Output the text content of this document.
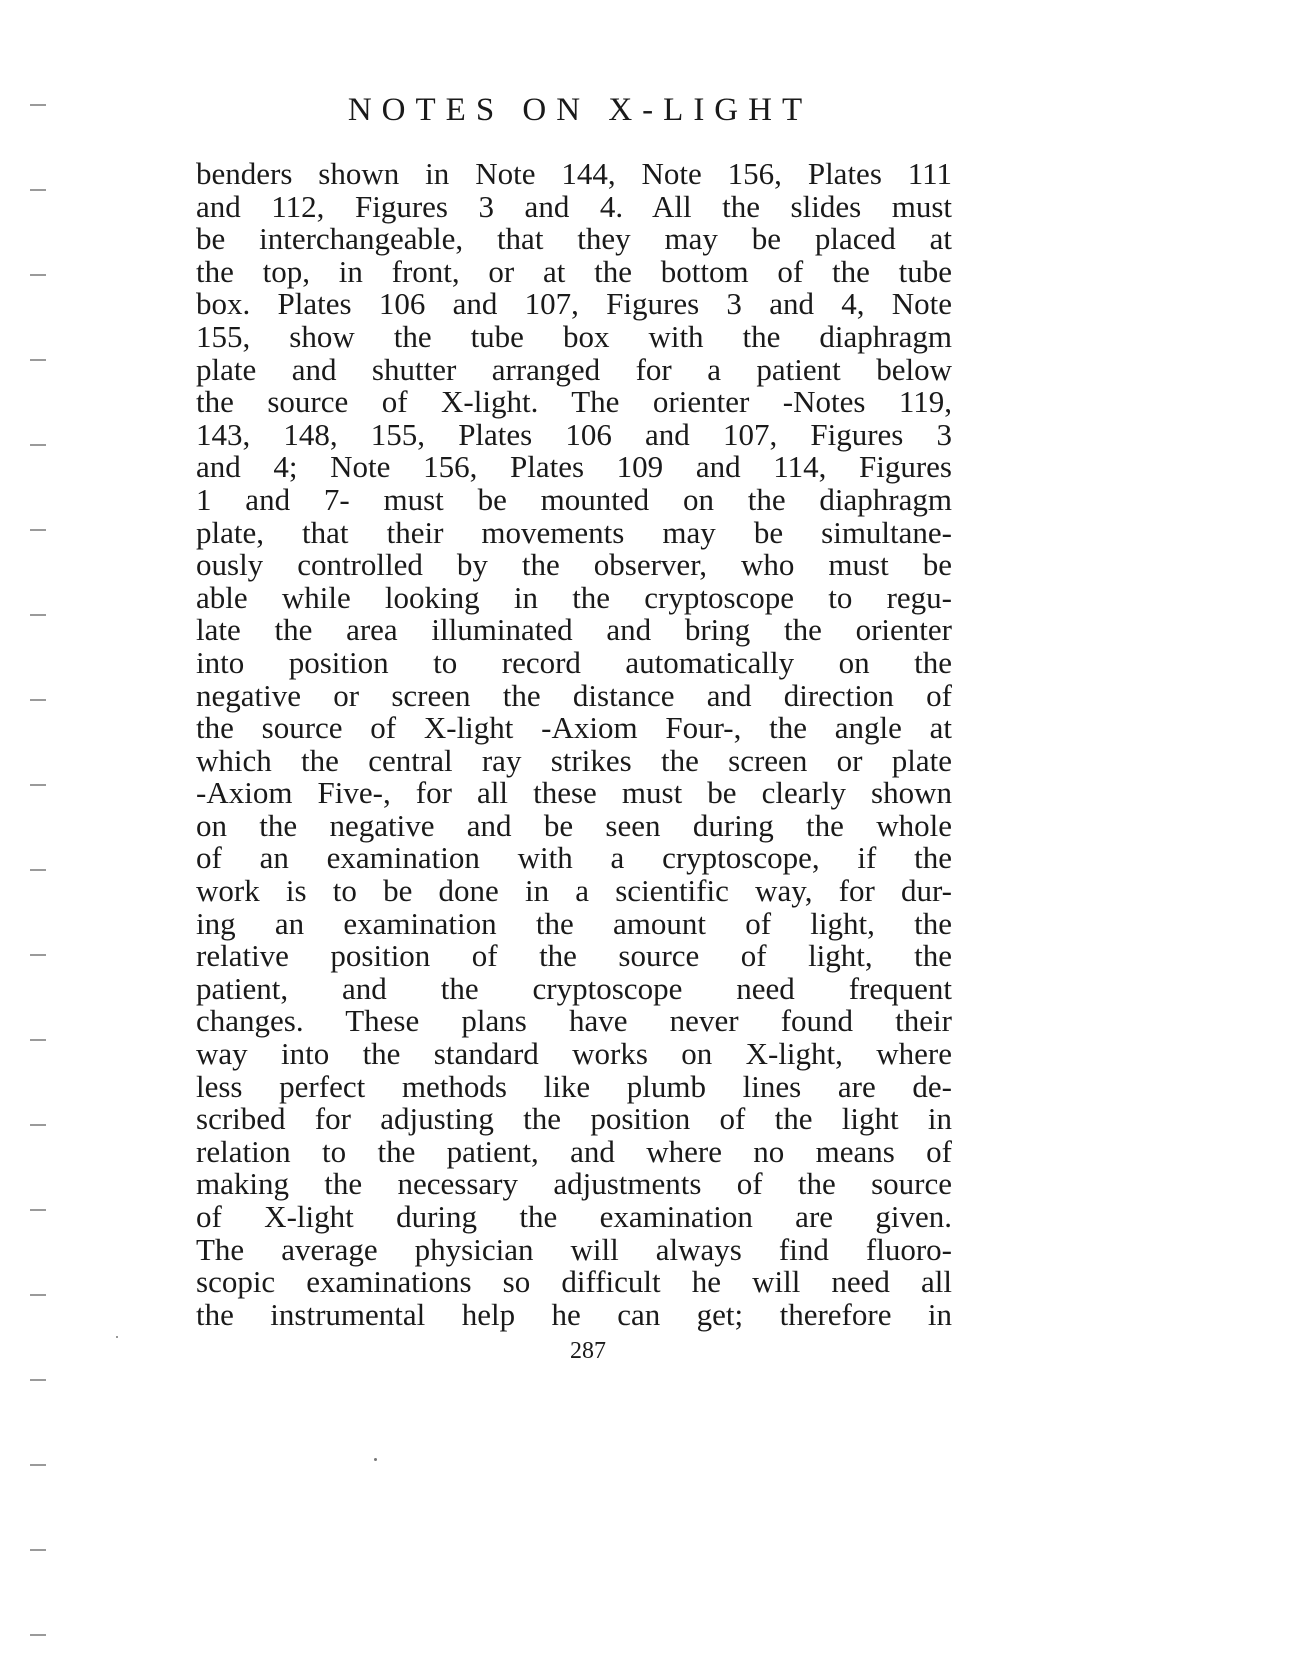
NOTES ON X-LIGHT
benders shown in Note 144, Note 156, Plates 111
and 112, Figures 3 and 4. All the slides must
be interchangeable, that they may be placed at
the top, in front, or at the bottom of the tube
box. Plates 106 and 107, Figures 3 and 4, Note
155, show the tube box with the diaphragm
plate and shutter arranged for a patient below
the source of X-light. The orienter -Notes 119,
143, 148, 155, Plates 106 and 107, Figures 3
and 4; Note 156, Plates 109 and 114, Figures
1 and 7- must be mounted on the diaphragm
plate, that their movements may be simultane-
ously controlled by the observer, who must be
able while looking in the cryptoscope to regu-
late the area illuminated and bring the orienter
into position to record automatically on the
negative or screen the distance and direction of
the source of X-light -Axiom Four-, the angle at
which the central ray strikes the screen or plate
-Axiom Five-, for all these must be clearly shown
on the negative and be seen during the whole
of an examination with a cryptoscope, if the
work is to be done in a scientific way, for dur-
ing an examination the amount of light, the
relative position of the source of light, the
patient, and the cryptoscope need frequent
changes. These plans have never found their
way into the standard works on X-light, where
less perfect methods like plumb lines are de-
scribed for adjusting the position of the light in
relation to the patient, and where no means of
making the necessary adjustments of the source
of X-light during the examination are given.
The average physician will always find fluoro-
scopic examinations so difficult he will need all
the instrumental help he can get; therefore in
287
